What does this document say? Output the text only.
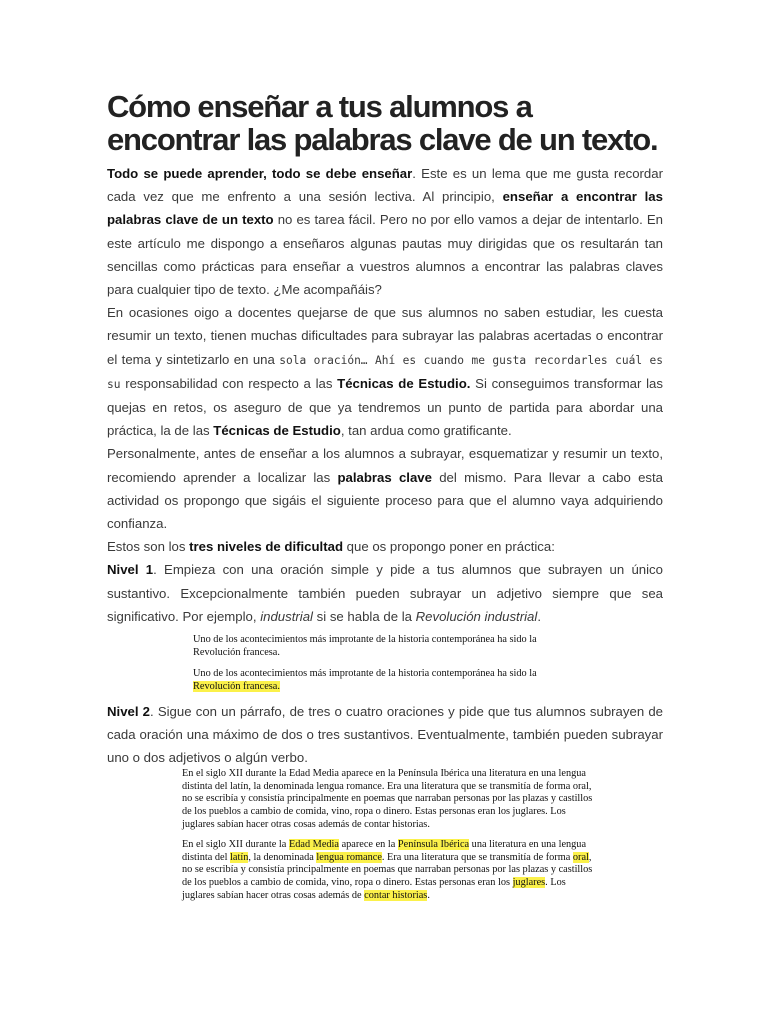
Cómo enseñar a tus alumnos a encontrar las palabras clave de un texto.

Todo se puede aprender, todo se debe enseñar. Este es un lema que me gusta recordar cada vez que me enfrento a una sesión lectiva. Al principio, enseñar a encontrar las palabras clave de un texto no es tarea fácil. Pero no por ello vamos a dejar de intentarlo. En este artículo me dispongo a enseñaros algunas pautas muy dirigidas que os resultarán tan sencillas como prácticas para enseñar a vuestros alumnos a encontrar las palabras claves para cualquier tipo de texto. ¿Me acompañáis?

En ocasiones oigo a docentes quejarse de que sus alumnos no saben estudiar, les cuesta resumir un texto, tienen muchas dificultades para subrayar las palabras acertadas o encontrar el tema y sintetizarlo en una sola oración… Ahí es cuando me gusta recordarles cuál es su responsabilidad con respecto a las Técnicas de Estudio. Si conseguimos transformar las quejas en retos, os aseguro de que ya tendremos un punto de partida para abordar una práctica, la de las Técnicas de Estudio, tan ardua como gratificante.

Personalmente, antes de enseñar a los alumnos a subrayar, esquematizar y resumir un texto, recomiendo aprender a localizar las palabras clave del mismo. Para llevar a cabo esta actividad os propongo que sigáis el siguiente proceso para que el alumno vaya adquiriendo confianza.

Estos son los tres niveles de dificultad que os propongo poner en práctica:

Nivel 1. Empieza con una oración simple y pide a tus alumnos que subrayen un único sustantivo. Excepcionalmente también pueden subrayar un adjetivo siempre que sea significativo. Por ejemplo, industrial si se habla de la Revolución industrial.

Uno de los acontecimientos más improtante de la historia contemporánea ha sido la
Revolución francesa.

Uno de los acontecimientos más improtante de la historia contemporánea ha sido la
Revolución francesa.

Nivel 2. Sigue con un párrafo, de tres o cuatro oraciones y pide que tus alumnos subrayen de cada oración una máximo de dos o tres sustantivos. Eventualmente, también pueden subrayar uno o dos adjetivos o algún verbo.

En el siglo XII durante la Edad Media aparece en la Península Ibérica una literatura en una lengua distinta del latín, la denominada lengua romance. Era una literatura que se transmitía de forma oral, no se escribía y consistía principalmente en poemas que narraban personas por las plazas y castillos de los pueblos a cambio de comida, vino, ropa o dinero. Estas personas eran los juglares. Los juglares sabían hacer otras cosas además de contar historias.

En el siglo XII durante la Edad Media aparece en la Península Ibérica una literatura en una lengua distinta del latín, la denominada lengua romance. Era una literatura que se transmitía de forma oral, no se escribía y consistía principalmente en poemas que narraban personas por las plazas y castillos de los pueblos a cambio de comida, vino, ropa o dinero. Estas personas eran los juglares. Los juglares sabían hacer otras cosas además de contar historias.
